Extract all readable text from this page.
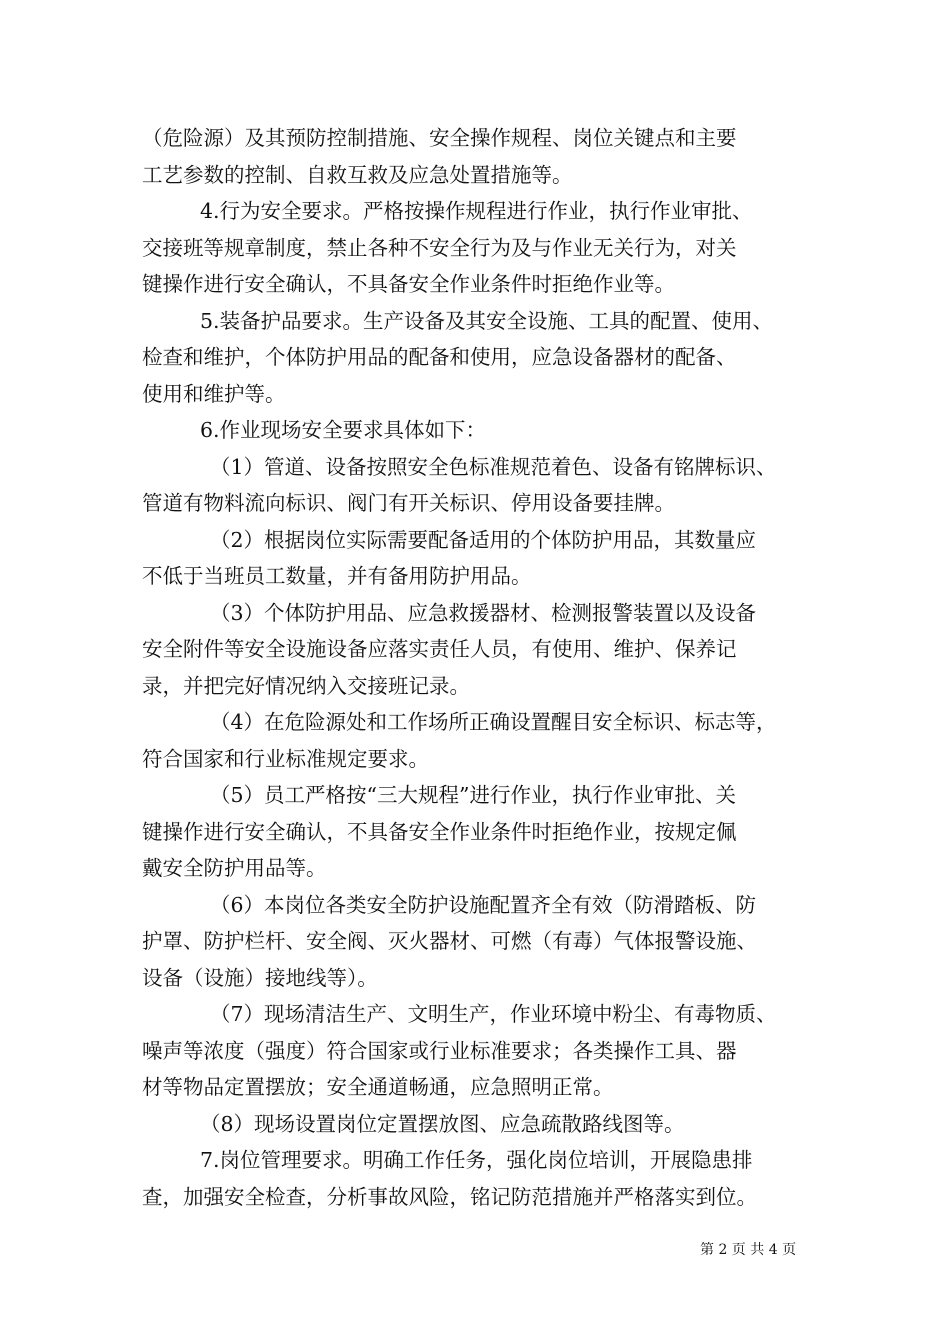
（危险源）及其预防控制措施、安全操作规程、岗位关键点和主要
工艺参数的控制、自救互救及应急处置措施等。
4.行为安全要求。严格按操作规程进行作业，执行作业审批、
交接班等规章制度，禁止各种不安全行为及与作业无关行为，对关
键操作进行安全确认，不具备安全作业条件时拒绝作业等。
5.装备护品要求。生产设备及其安全设施、工具的配置、使用、
检查和维护，个体防护用品的配备和使用，应急设备器材的配备、
使用和维护等。
6.作业现场安全要求具体如下：
（1）管道、设备按照安全色标准规范着色、设备有铭牌标识、
管道有物料流向标识、阀门有开关标识、停用设备要挂牌。
（2）根据岗位实际需要配备适用的个体防护用品，其数量应
不低于当班员工数量，并有备用防护用品。
（3）个体防护用品、应急救援器材、检测报警装置以及设备
安全附件等安全设施设备应落实责任人员，有使用、维护、保养记
录，并把完好情况纳入交接班记录。
（4）在危险源处和工作场所正确设置醒目安全标识、标志等，
符合国家和行业标准规定要求。
（5）员工严格按“三大规程”进行作业，执行作业审批、关
键操作进行安全确认，不具备安全作业条件时拒绝作业，按规定佩
戴安全防护用品等。
（6）本岗位各类安全防护设施配置齐全有效（防滑踏板、防
护罩、防护栏杆、安全阀、灭火器材、可燃（有毒）气体报警设施、
设备（设施）接地线等）。
（7）现场清洁生产、文明生产，作业环境中粉尘、有毒物质、
噪声等浓度（强度）符合国家或行业标准要求；各类操作工具、器
材等物品定置摆放；安全通道畅通，应急照明正常。
（8）现场设置岗位定置摆放图、应急疏散路线图等。
7.岗位管理要求。明确工作任务，强化岗位培训，开展隐患排
查，加强安全检查，分析事故风险，铭记防范措施并严格落实到位。
第 2 页 共 4 页
